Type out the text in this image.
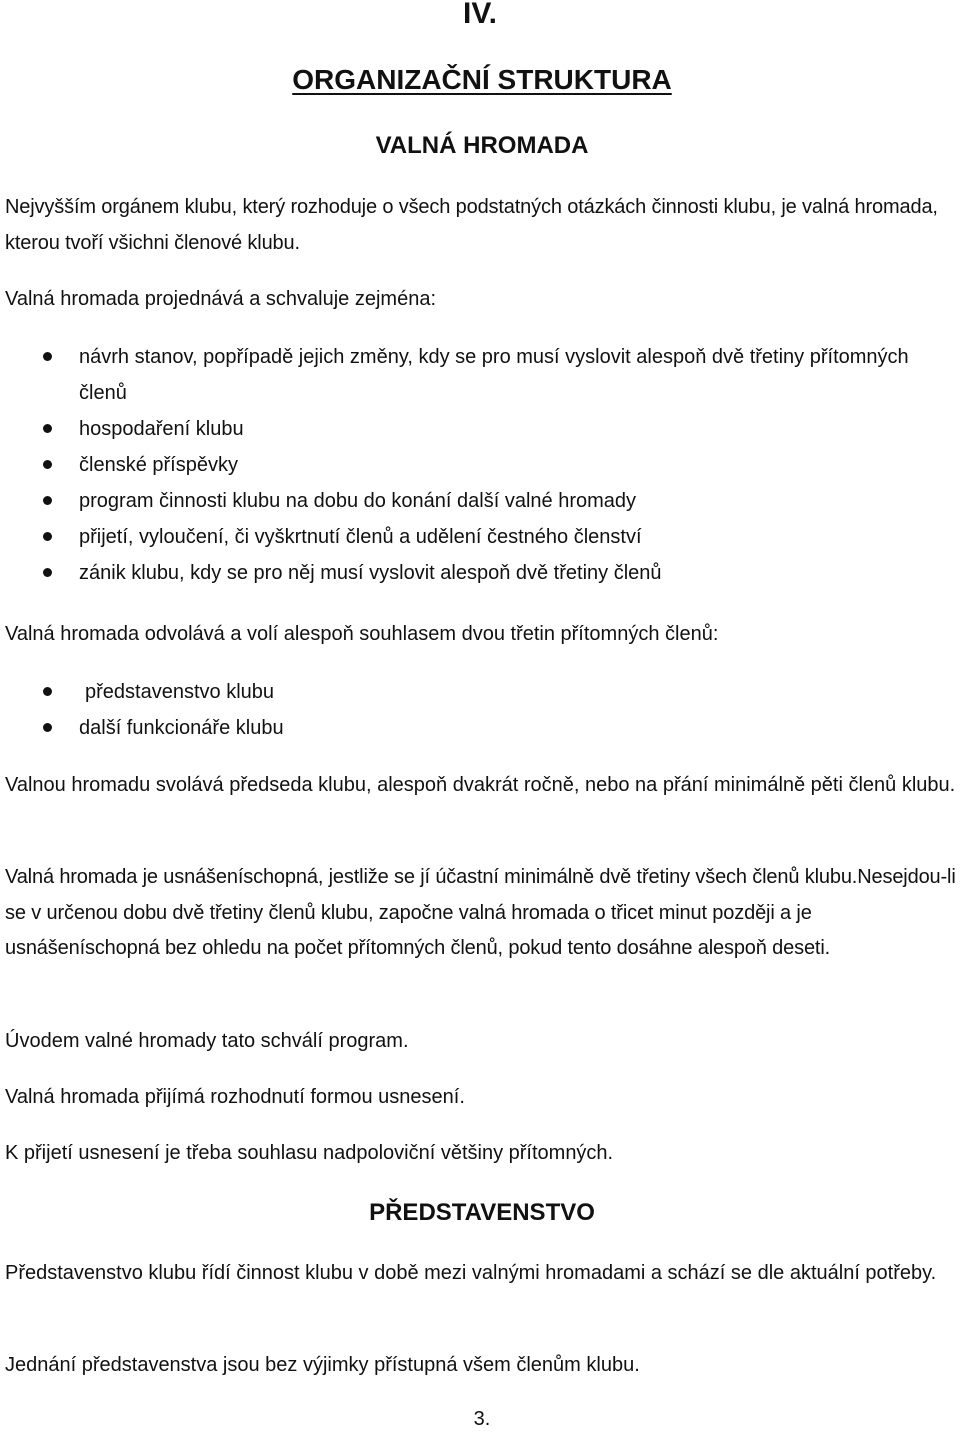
IV.
ORGANIZAČNÍ STRUKTURA
VALNÁ HROMADA

Nejvyšším orgánem klubu, který rozhoduje o všech podstatných otázkách činnosti klubu, je valná hromada, kterou tvoří všichni členové klubu.

Valná hromada projednává a schvaluje zejména:

návrh stanov, popřípadě jejich změny, kdy se pro musí vyslovit alespoň dvě třetiny přítomných členů
hospodaření klubu
členské příspěvky
program činnosti klubu na dobu do konání další valné hromady
přijetí, vyloučení, či vyškrtnutí členů a udělení čestného členství
zánik klubu, kdy se pro něj musí vyslovit alespoň dvě třetiny členů

Valná hromada odvolává a volí alespoň souhlasem dvou třetin přítomných členů:

představenstvo klubu
další funkcionáře klubu

Valnou hromadu svolává předseda klubu, alespoň dvakrát ročně, nebo na přání minimálně pěti členů klubu.

Valná hromada je usnášeníschopná, jestliže se jí účastní minimálně dvě třetiny všech členů klubu.Nesejdou-li se v určenou dobu dvě třetiny členů klubu, započne valná hromada o třicet minut později a je usnášeníschopná bez ohledu na počet přítomných členů, pokud tento dosáhne alespoň deseti.

Úvodem valné hromady tato schválí program.

Valná hromada přijímá rozhodnutí formou usnesení.

K přijetí usnesení je třeba souhlasu nadpoloviční většiny přítomných.

PŘEDSTAVENSTVO

Představenstvo klubu řídí činnost klubu v době mezi valnými hromadami a schází se dle aktuální potřeby.

Jednání představenstva jsou bez výjimky přístupná všem členům klubu.

3.
